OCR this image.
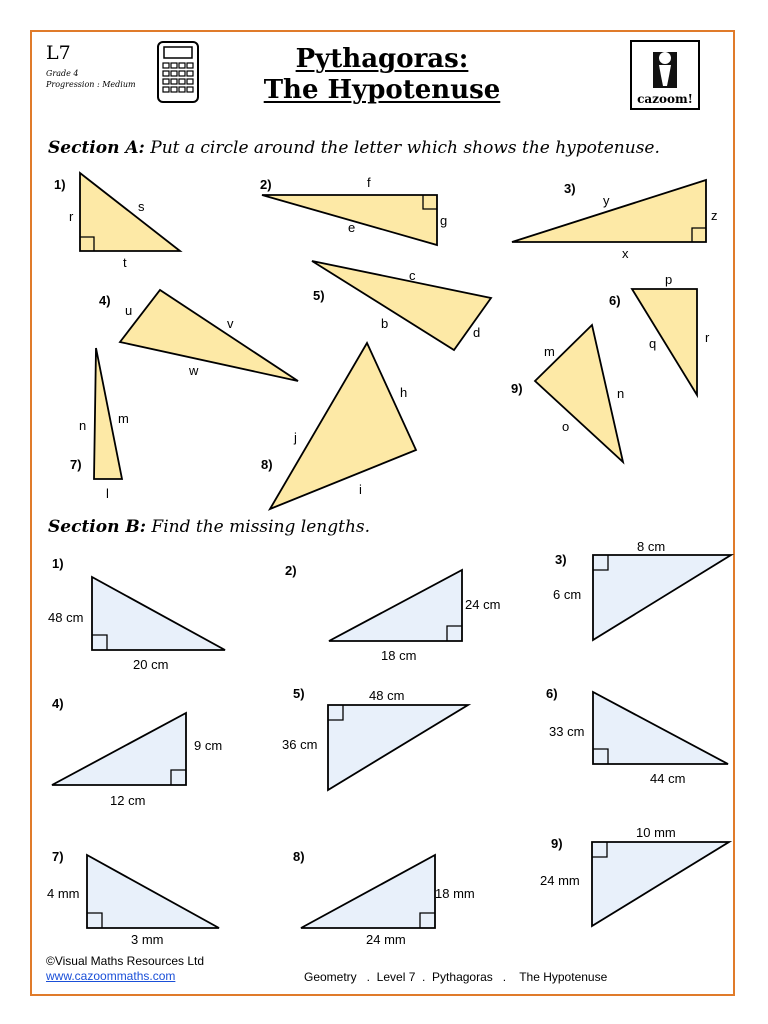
L7
Grade 4
Progression : Medium
Pythagoras:
The Hypotenuse	cazoom!
Section A: Put a circle around the letter which shows the hypotenuse.
Section B: Find the missing lengths.
1)
r
s
t
2)	f
e	g
3)
y
z
x
4)
u
v
w
5)
c
b
d
6)
p
q	r
7)
n m
l
8)
h
j
i
9)
m
n
o
1)
48 cm
20 cm
2)
24 cm
18 cm
3)
8 cm
6 cm
4)
9 cm
12 cm
5)	48 cm
36 cm
6)
33 cm
44 cm
7)
4 mm
3 mm
8)
18 mm
24 mm
9)
10 mm
24 mm
©Visual Maths Resources Ltd
www.cazoommaths.com	Geometry   .  Level 7  .  Pythagoras   .    The Hypotenuse
